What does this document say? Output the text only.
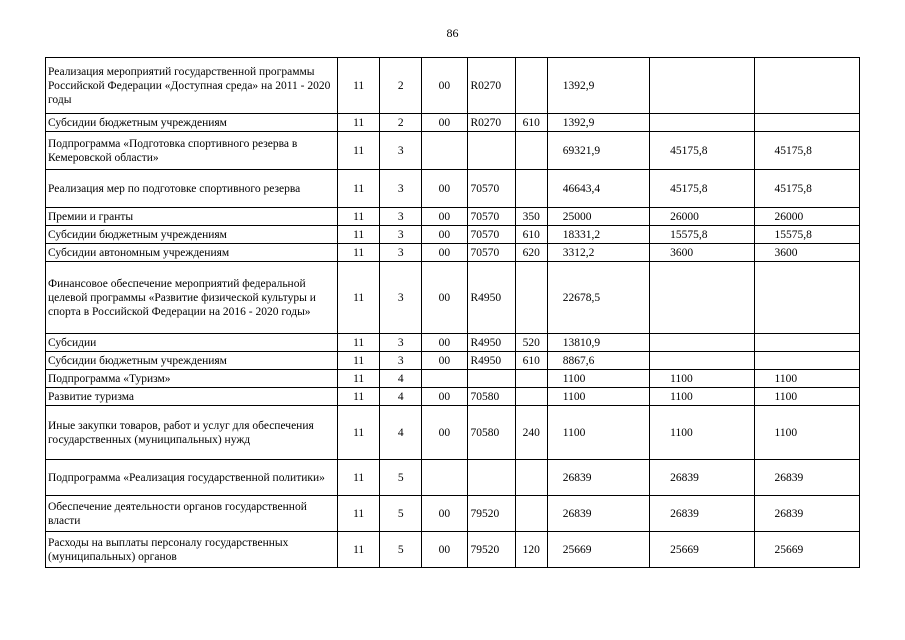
86
Реализация мероприятий государственной программы Российской Федерации «Доступная среда» на 2011 - 2020 годы	11	2	00	R0270		1392,9		
Субсидии бюджетным учреждениям	11	2	00	R0270	610	1392,9		
Подпрограмма «Подготовка спортивного резерва в Кемеровской области»	11	3				69321,9	45175,8	45175,8
Реализация мер по подготовке спортивного резерва	11	3	00	70570		46643,4	45175,8	45175,8
Премии и гранты	11	3	00	70570	350	25000	26000	26000
Субсидии бюджетным учреждениям	11	3	00	70570	610	18331,2	15575,8	15575,8
Субсидии автономным учреждениям	11	3	00	70570	620	3312,2	3600	3600
Финансовое обеспечение мероприятий федеральной целевой программы «Развитие физической культуры и спорта в Российской Федерации на 2016 - 2020 годы»	11	3	00	R4950		22678,5		
Субсидии	11	3	00	R4950	520	13810,9		
Субсидии бюджетным учреждениям	11	3	00	R4950	610	8867,6		
Подпрограмма «Туризм»	11	4				1100	1100	1100
Развитие туризма	11	4	00	70580		1100	1100	1100
Иные закупки товаров, работ и услуг для обеспечения государственных (муниципальных) нужд	11	4	00	70580	240	1100	1100	1100
Подпрограмма «Реализация государственной политики»	11	5				26839	26839	26839
Обеспечение деятельности органов государственной власти	11	5	00	79520		26839	26839	26839
Расходы на выплаты персоналу государственных (муниципальных) органов	11	5	00	79520	120	25669	25669	25669
